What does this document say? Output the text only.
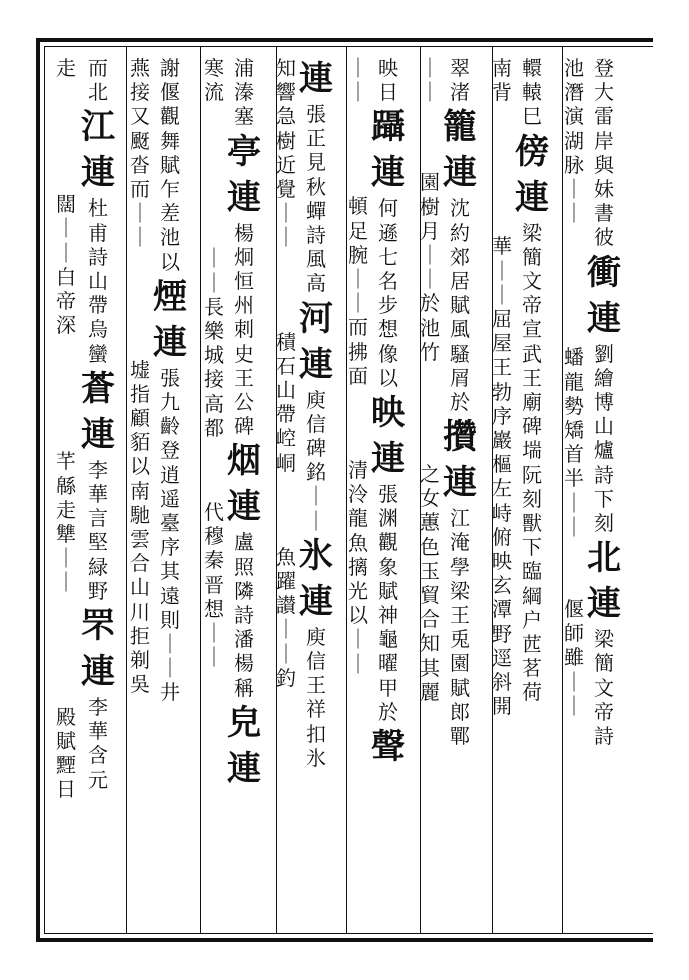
登
大
雷
岸
與
妹
書
彼
衝
連
劉
繪
博
山
爐
詩
下
刻
北
連
梁
簡
文
帝
詩
池
潛
演
湖
脉
｜
｜
蟠
龍
勢
矯
首
半
｜
｜
偃
師
雖
｜
｜
轘
轅
巳
傍
連
梁
簡
文
帝
宣
武
王
廟
碑
㙐
阮
刻
獸
下
臨
綱
户
苉
茗
荷
南
背
華
｜
｜
屈
屋
王
勃
序
巖
樞
左
峙
俯
映
玄
潭
野
逕
斜
開
翠
渚
籠
連
沈
約
郊
居
賦
風
騷
屑
於
攢
連
江
淹
學
梁
王
兎
園
賦
郎
鄲
｜
｜
園
樹
月
｜
｜
於
池
竹
之
女
蕙
色
玉
貿
合
知
其
麗
映
日
躡
連
何
遜
七
名
步
想
像
以
映
連
張
渊
觀
象
賦
神
龜
曜
甲
於
聲
｜
｜
頓
足
腕
｜
｜
而
拂
面
清
泠
龍
魚
摛
光
以
｜
｜
連
張
正
見
秋
蟬
詩
風
高
河
連
庾
信
碑
銘
｜
｜
氷
連
庾
信
王
祥
扣
氷
知
響
急
樹
近
覺
｜
｜
積
石
山
帶
崆
峒
魚
躍
讃
｜
｜
釣
浦
溱
塞
亭
連
楊
炯
恒
州
刺
史
王
公
碑
烟
連
盧
照
隣
詩
潘
楊
稱
皃
連
寒
流
｜
｜
長
樂
城
接
高
都
代
穆
秦
晋
想
｜
｜
謝
偃
觀
舞
賦
乍
差
池
以
煙
連
張
九
齡
登
逍
遥
臺
序
其
遠
則
｜
｜
井
燕
接
又
颬
沓
而
｜
｜
墟
指
顧
貊
以
南
馳
雲
合
山
川
拒
剃
吳
而
北
江
連
杜
甫
詩
山
帶
烏
蠻
蒼
連
李
華
言
堅
緑
野
罘
連
李
華
含
元
走
闊
｜
｜
白
帝
深
芊
緜
走
犨
｜
｜
殿
賦
黫
日
